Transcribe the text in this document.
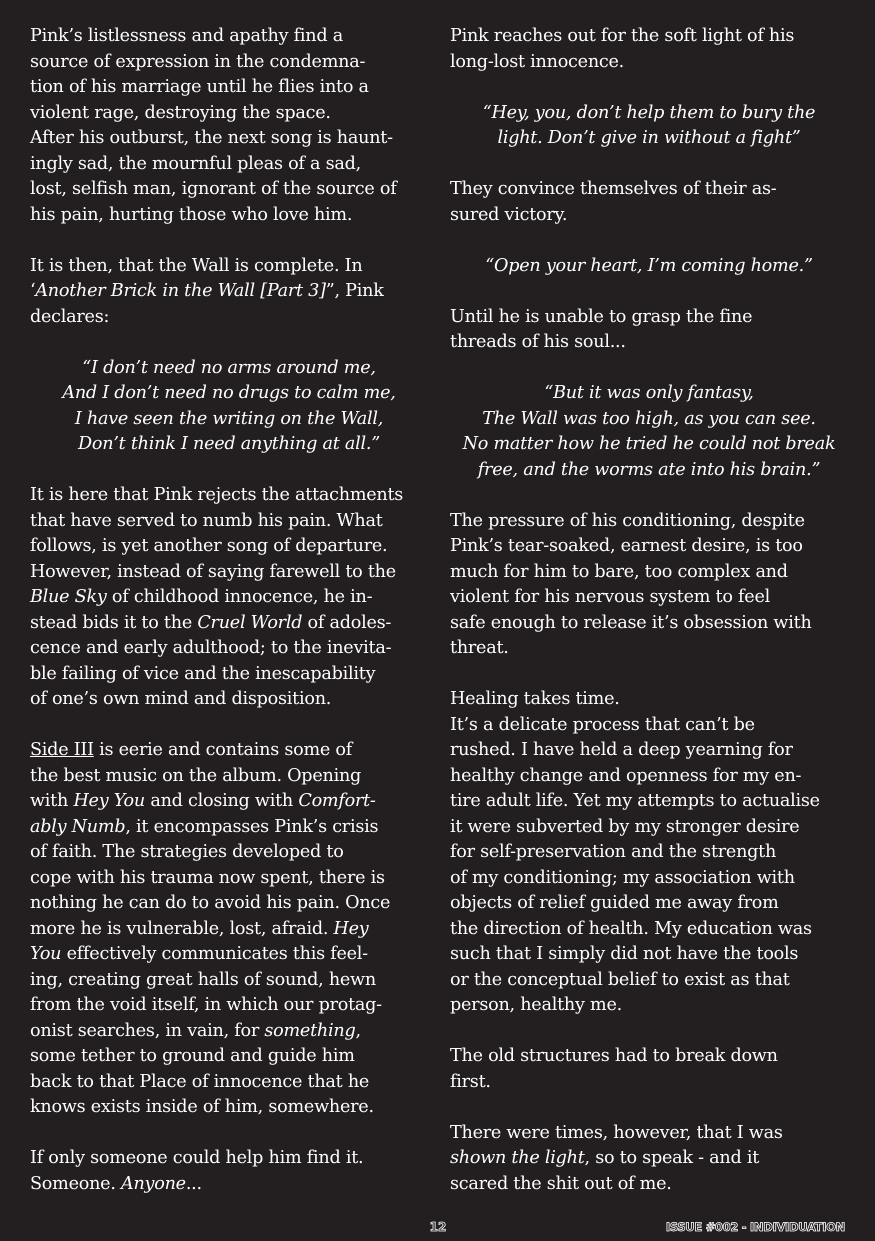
Pink’s listlessness and apathy find a
source of expression in the condemna-
tion of his marriage until he flies into a
violent rage, destroying the space.
After his outburst, the next song is haunt-
ingly sad, the mournful pleas of a sad,
lost, selfish man, ignorant of the source of
his pain, hurting those who love him.
It is then, that the Wall is complete. In
‘Another Brick in the Wall [Part 3]”, Pink
declares:
“I don’t need no arms around me,
And I don’t need no drugs to calm me,
I have seen the writing on the Wall,
Don’t think I need anything at all.”
It is here that Pink rejects the attachments
that have served to numb his pain. What
follows, is yet another song of departure.
However, instead of saying farewell to the
Blue Sky of childhood innocence, he in-
stead bids it to the Cruel World of adoles-
cence and early adulthood; to the inevita-
ble failing of vice and the inescapability
of one’s own mind and disposition.
Side III is eerie and contains some of
the best music on the album. Opening
with Hey You and closing with Comfort-
ably Numb, it encompasses Pink’s crisis
of faith. The strategies developed to
cope with his trauma now spent, there is
nothing he can do to avoid his pain. Once
more he is vulnerable, lost, afraid. Hey
You effectively communicates this feel-
ing, creating great halls of sound, hewn
from the void itself, in which our protag-
onist searches, in vain, for something,
some tether to ground and guide him
back to that Place of innocence that he
knows exists inside of him, somewhere.
If only someone could help him find it.
Someone. Anyone...
Pink reaches out for the soft light of his
long-lost innocence.
“Hey, you, don’t help them to bury the
light. Don’t give in without a fight”
They convince themselves of their as-
sured victory.
“Open your heart, I’m coming home.”
Until he is unable to grasp the fine
threads of his soul...
“But it was only fantasy,
The Wall was too high, as you can see.
No matter how he tried he could not break
free, and the worms ate into his brain.”
The pressure of his conditioning, despite
Pink’s tear-soaked, earnest desire, is too
much for him to bare, too complex and
violent for his nervous system to feel
safe enough to release it’s obsession with
threat.
Healing takes time.
It’s a delicate process that can’t be
rushed. I have held a deep yearning for
healthy change and openness for my en-
tire adult life. Yet my attempts to actualise
it were subverted by my stronger desire
for self-preservation and the strength
of my conditioning; my association with
objects of relief guided me away from
the direction of health. My education was
such that I simply did not have the tools
or the conceptual belief to exist as that
person, healthy me.
The old structures had to break down
first.
There were times, however, that I was
shown the light, so to speak - and it
scared the shit out of me.
12	ISSUE #002 - INDIVIDUATION
